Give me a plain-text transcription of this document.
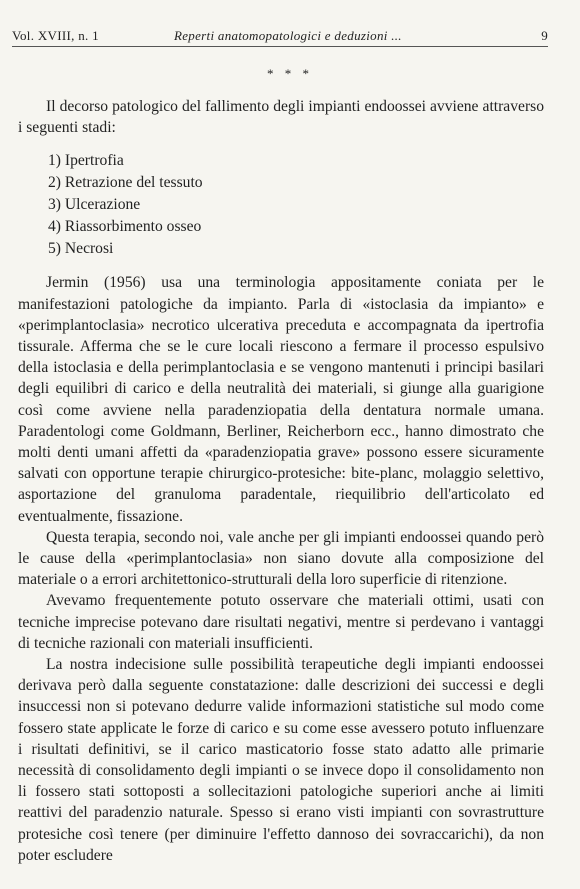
Vol. XVIII, n. 1	Reperti anatomopatologici e deduzioni ...	9
* * *

Il decorso patologico del fallimento degli impianti endoossei avviene attraverso i seguenti stadi:

1) Ipertrofia
2) Retrazione del tessuto
3) Ulcerazione
4) Riassorbimento osseo
5) Necrosi

Jermin (1956) usa una terminologia appositamente coniata per le manifestazioni patologiche da impianto. Parla di «istoclasia da impianto» e «perimplantoclasia» necrotico ulcerativa preceduta e accompagnata da ipertrofia tissurale. Afferma che se le cure locali riescono a fermare il processo espulsivo della istoclasia e della perimplantoclasia e se vengono mantenuti i principi basilari degli equilibri di carico e della neutralità dei materiali, si giunge alla guarigione così come avviene nella paradenziopatia della dentatura normale umana. Paradentologi come Goldmann, Berliner, Reicherborn ecc., hanno dimostrato che molti denti umani affetti da «paradenziopatia grave» possono essere sicuramente salvati con opportune terapie chirurgico-protesiche: bite-planc, molaggio selettivo, asportazione del granuloma paradentale, riequilibrio dell'articolato ed eventualmente, fissazione.

Questa terapia, secondo noi, vale anche per gli impianti endoossei quando però le cause della «perimplantoclasia» non siano dovute alla composizione del materiale o a errori architettonico-strutturali della loro superficie di ritenzione.

Avevamo frequentemente potuto osservare che materiali ottimi, usati con tecniche imprecise potevano dare risultati negativi, mentre si perdevano i vantaggi di tecniche razionali con materiali insufficienti.

La nostra indecisione sulle possibilità terapeutiche degli impianti endoossei derivava però dalla seguente constatazione: dalle descrizioni dei successi e degli insuccessi non si potevano dedurre valide informazioni statistiche sul modo come fossero state applicate le forze di carico e su come esse avessero potuto influenzare i risultati definitivi, se il carico masticatorio fosse stato adatto alle primarie necessità di consolidamento degli impianti o se invece dopo il consolidamento non li fossero stati sottoposti a sollecitazioni patologiche superiori anche ai limiti reattivi del paradenzio naturale. Spesso si erano visti impianti con sovrastrutture protesiche così tenere (per diminuire l'effetto dannoso dei sovraccarichi), da non poter escludere
